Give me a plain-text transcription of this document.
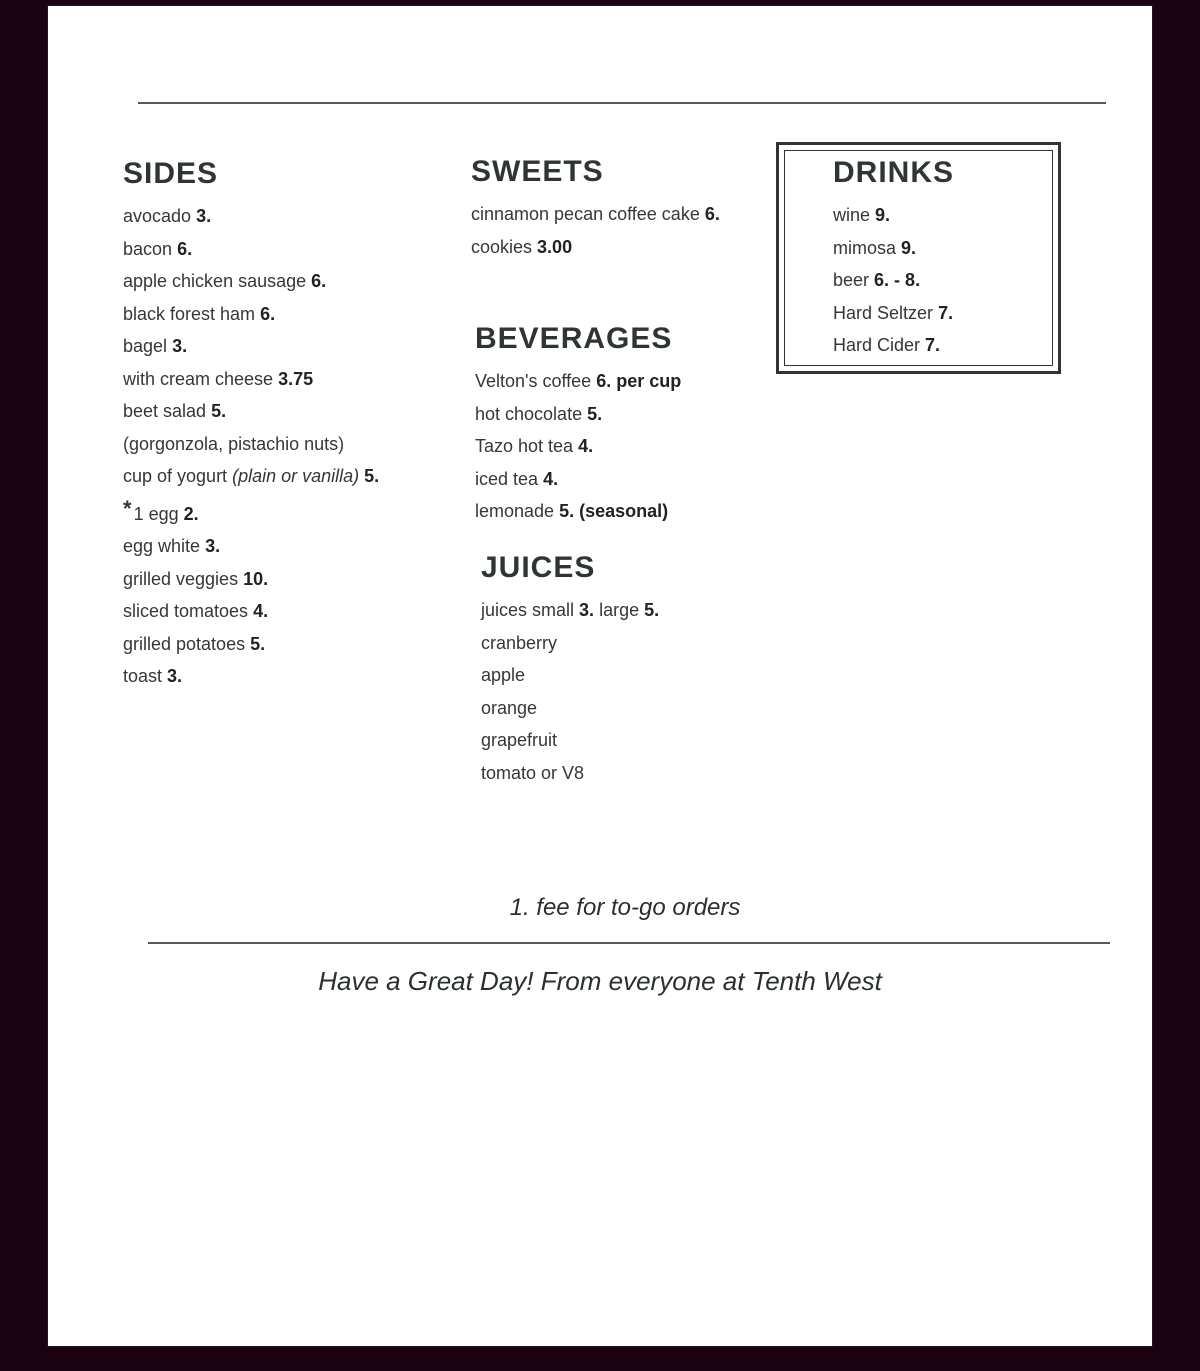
SIDES
avocado 3.
bacon 6.
apple chicken sausage 6.
black forest ham 6.
bagel 3.
with cream cheese 3.75
beet salad 5.
(gorgonzola, pistachio nuts)
cup of yogurt (plain or vanilla) 5.
* 1 egg 2.
egg white 3.
grilled veggies 10.
sliced tomatoes 4.
grilled potatoes 5.
toast 3.
SWEETS
cinnamon pecan coffee cake 6.
cookies 3.00
BEVERAGES
Velton's coffee 6. per cup
hot chocolate 5.
Tazo hot tea 4.
iced tea 4.
lemonade 5. (seasonal)
JUICES
juices small 3. large 5.
cranberry
apple
orange
grapefruit
tomato or V8
DRINKS
wine 9.
mimosa 9.
beer 6. - 8.
Hard Seltzer 7.
Hard Cider 7.
1. fee for to-go orders
Have a Great Day! From everyone at Tenth West
